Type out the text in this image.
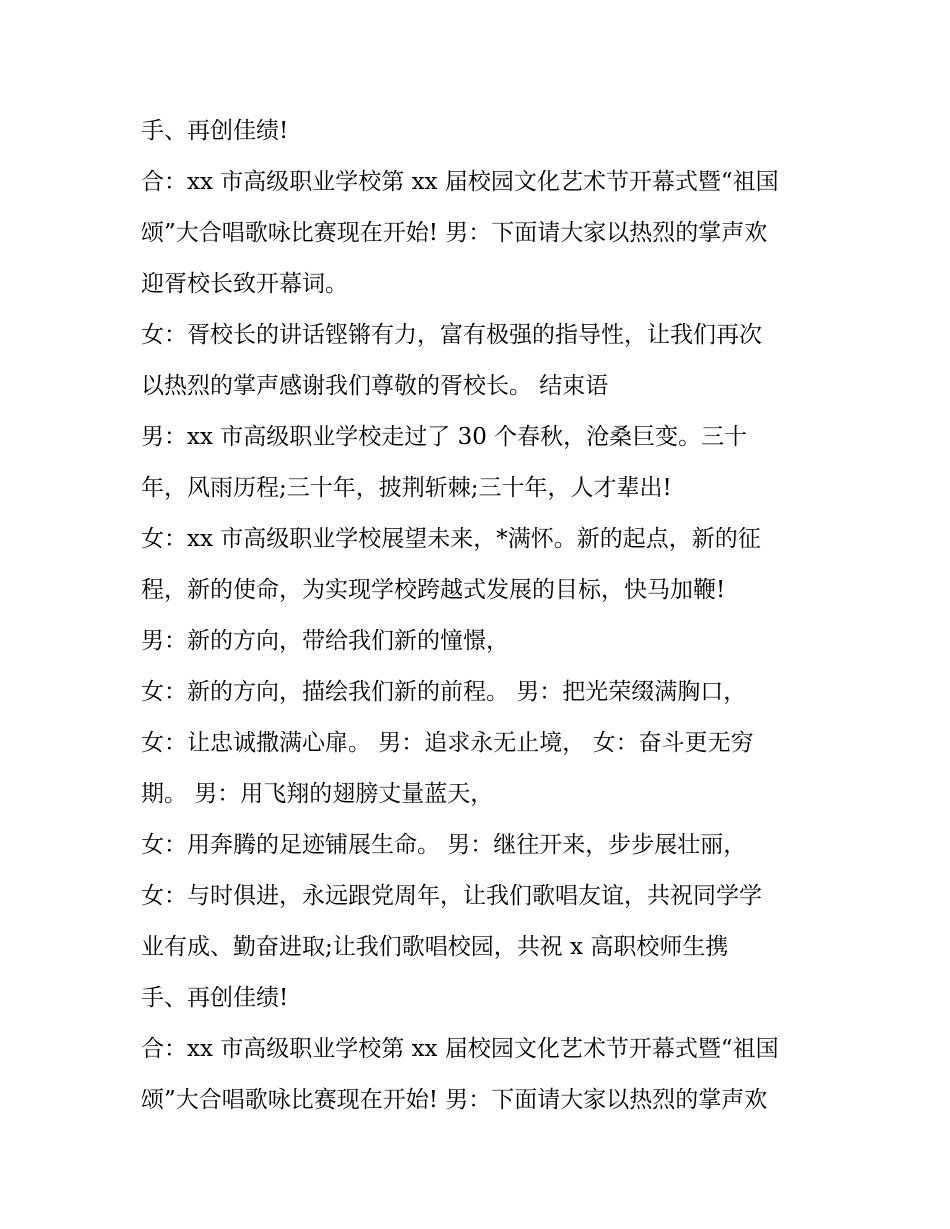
手、再创佳绩!
合：xx 市高级职业学校第 xx 届校园文化艺术节开幕式暨“祖国
颂”大合唱歌咏比赛现在开始! 男：下面请大家以热烈的掌声欢
迎胥校长致开幕词。
女：胥校长的讲话铿锵有力，富有极强的指导性，让我们再次
以热烈的掌声感谢我们尊敬的胥校长。 结束语
男：xx 市高级职业学校走过了 30 个春秋，沧桑巨变。三十
年，风雨历程;三十年，披荆斩棘;三十年，人才辈出!
女：xx 市高级职业学校展望未来，*满怀。新的起点，新的征
程，新的使命，为实现学校跨越式发展的目标，快马加鞭!
男：新的方向，带给我们新的憧憬，
女：新的方向，描绘我们新的前程。 男：把光荣缀满胸口，
女：让忠诚撒满心扉。 男：追求永无止境， 女：奋斗更无穷
期。 男：用飞翔的翅膀丈量蓝天，
女：用奔腾的足迹铺展生命。 男：继往开来，步步展壮丽，
女：与时俱进，永远跟党周年，让我们歌唱友谊，共祝同学学
业有成、勤奋进取;让我们歌唱校园，共祝 x 高职校师生携
手、再创佳绩!
合：xx 市高级职业学校第 xx 届校园文化艺术节开幕式暨“祖国
颂”大合唱歌咏比赛现在开始! 男：下面请大家以热烈的掌声欢
